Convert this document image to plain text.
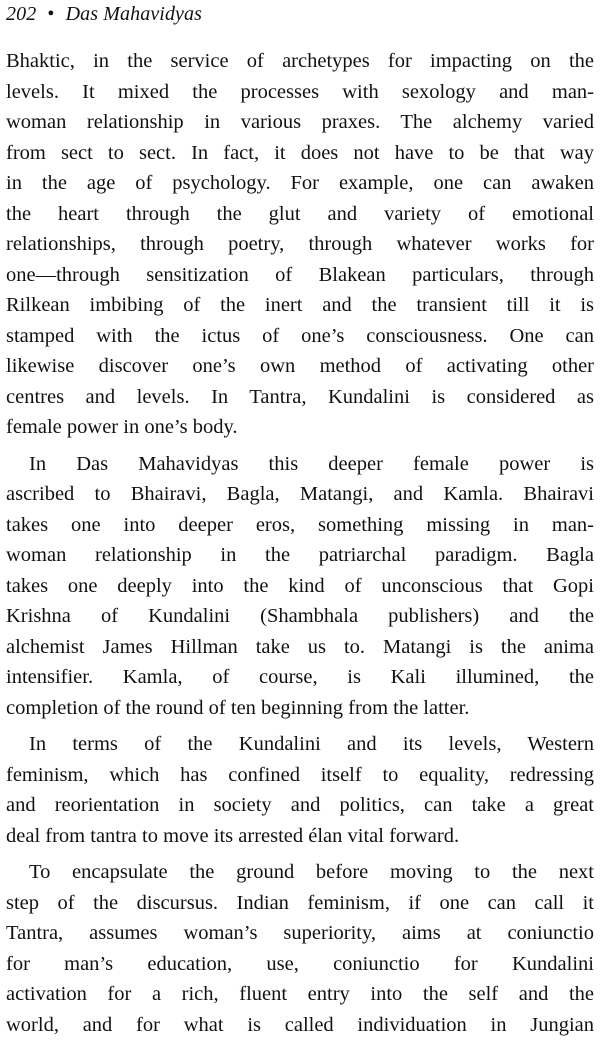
202 • Das Mahavidyas

Bhaktic, in the service of archetypes for impacting on the
levels. It mixed the processes with sexology and man-
woman relationship in various praxes. The alchemy varied
from sect to sect. In fact, it does not have to be that way
in the age of psychology. For example, one can awaken
the heart through the glut and variety of emotional
relationships, through poetry, through whatever works for
one—through sensitization of Blakean particulars, through
Rilkean imbibing of the inert and the transient till it is
stamped with the ictus of one’s consciousness. One can
likewise discover one’s own method of activating other
centres and levels. In Tantra, Kundalini is considered as
female power in one’s body.

In Das Mahavidyas this deeper female power is
ascribed to Bhairavi, Bagla, Matangi, and Kamla. Bhairavi
takes one into deeper eros, something missing in man-
woman relationship in the patriarchal paradigm. Bagla
takes one deeply into the kind of unconscious that Gopi
Krishna of Kundalini (Shambhala publishers) and the
alchemist James Hillman take us to. Matangi is the anima
intensifier. Kamla, of course, is Kali illumined, the
completion of the round of ten beginning from the latter.

In terms of the Kundalini and its levels, Western
feminism, which has confined itself to equality, redressing
and reorientation in society and politics, can take a great
deal from tantra to move its arrested élan vital forward.

To encapsulate the ground before moving to the next
step of the discursus. Indian feminism, if one can call it
Tantra, assumes woman’s superiority, aims at coniunctio
for man’s education, use, coniunctio for Kundalini
activation for a rich, fluent entry into the self and the
world, and for what is called individuation in Jungian
